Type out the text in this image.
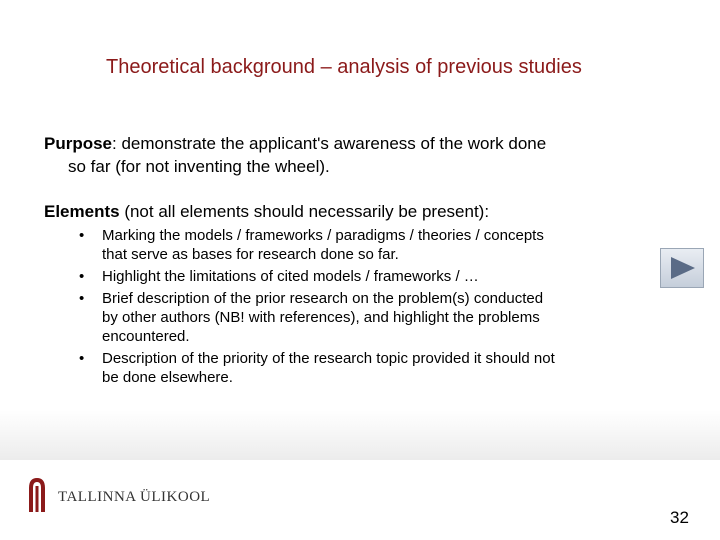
Theoretical background – analysis of previous studies
Purpose: demonstrate the applicant's awareness of the work done
so far (for not inventing the wheel).
Elements (not all elements should necessarily be present):
• Marking the models / frameworks / paradigms / theories / concepts
that serve as bases for research done so far.
• Highlight the limitations of cited models / frameworks / …
• Brief description of the prior research on the problem(s) conducted
by other authors (NB! with references), and highlight the problems
encountered.
• Description of the priority of the research topic provided it should not
be done elsewhere.
TALLINNA ÜLIKOOL
32
